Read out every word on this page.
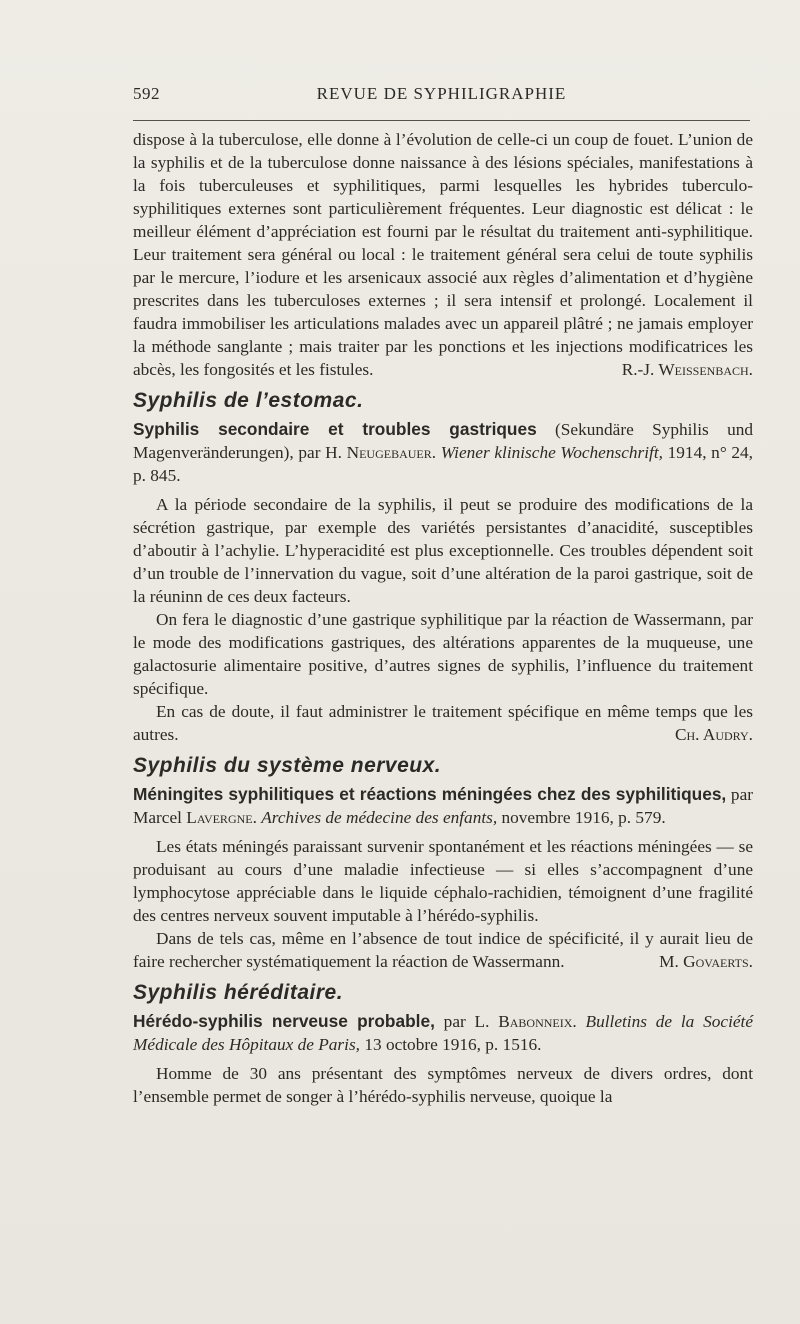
592	REVUE DE SYPHILIGRAPHIE

dispose à la tuberculose, elle donne à l’évolution de celle-ci un coup de fouet. L’union de la syphilis et de la tuberculose donne naissance à des lésions spéciales, manifestations à la fois tuberculeuses et syphilitiques, parmi lesquelles les hybrides tuberculo-syphilitiques externes sont particulièrement fréquentes. Leur diagnostic est délicat : le meilleur élément d’appréciation est fourni par le résultat du traitement anti-syphilitique. Leur traitement sera général ou local : le traitement général sera celui de toute syphilis par le mercure, l’iodure et les arsenicaux associé aux règles d’alimentation et d’hygiène prescrites dans les tuberculoses externes ; il sera intensif et prolongé. Localement il faudra immobiliser les articulations malades avec un appareil plâtré ; ne jamais employer la méthode sanglante ; mais traiter par les ponctions et les injections modificatrices les abcès, les fongosités et les fistules.	R.-J. Weissenbach.

Syphilis de l’estomac.

Syphilis secondaire et troubles gastriques (Sekundäre Syphilis und Magenveränderungen), par H. Neugebauer. Wiener klinische Wochenschrift, 1914, n° 24, p. 845.

A la période secondaire de la syphilis, il peut se produire des modifications de la sécrétion gastrique, par exemple des variétés persistantes d’anacidité, susceptibles d’aboutir à l’achylie. L’hyperacidité est plus exceptionnelle. Ces troubles dépendent soit d’un trouble de l’innervation du vague, soit d’une altération de la paroi gastrique, soit de la réuninn de ces deux facteurs.

On fera le diagnostic d’une gastrique syphilitique par la réaction de Wassermann, par le mode des modifications gastriques, des altérations apparentes de la muqueuse, une galactosurie alimentaire positive, d’autres signes de syphilis, l’influence du traitement spécifique.

En cas de doute, il faut administrer le traitement spécifique en même temps que les autres.	Ch. Audry.

Syphilis du système nerveux.

Méningites syphilitiques et réactions méningées chez des syphilitiques, par Marcel Lavergne. Archives de médecine des enfants, novembre 1916, p. 579.

Les états méningés paraissant survenir spontanément et les réactions méningées — se produisant au cours d’une maladie infectieuse — si elles s’accompagnent d’une lymphocytose appréciable dans le liquide céphalo-rachidien, témoignent d’une fragilité des centres nerveux souvent imputable à l’hérédo-syphilis.

Dans de tels cas, même en l’absence de tout indice de spécificité, il y aurait lieu de faire rechercher systématiquement la réaction de Wassermann.	M. Govaerts.

Syphilis héréditaire.

Hérédo-syphilis nerveuse probable, par L. Babonneix. Bulletins de la Société Médicale des Hôpitaux de Paris, 13 octobre 1916, p. 1516.

Homme de 30 ans présentant des symptômes nerveux de divers ordres, dont l’ensemble permet de songer à l’hérédo-syphilis nerveuse, quoique la
